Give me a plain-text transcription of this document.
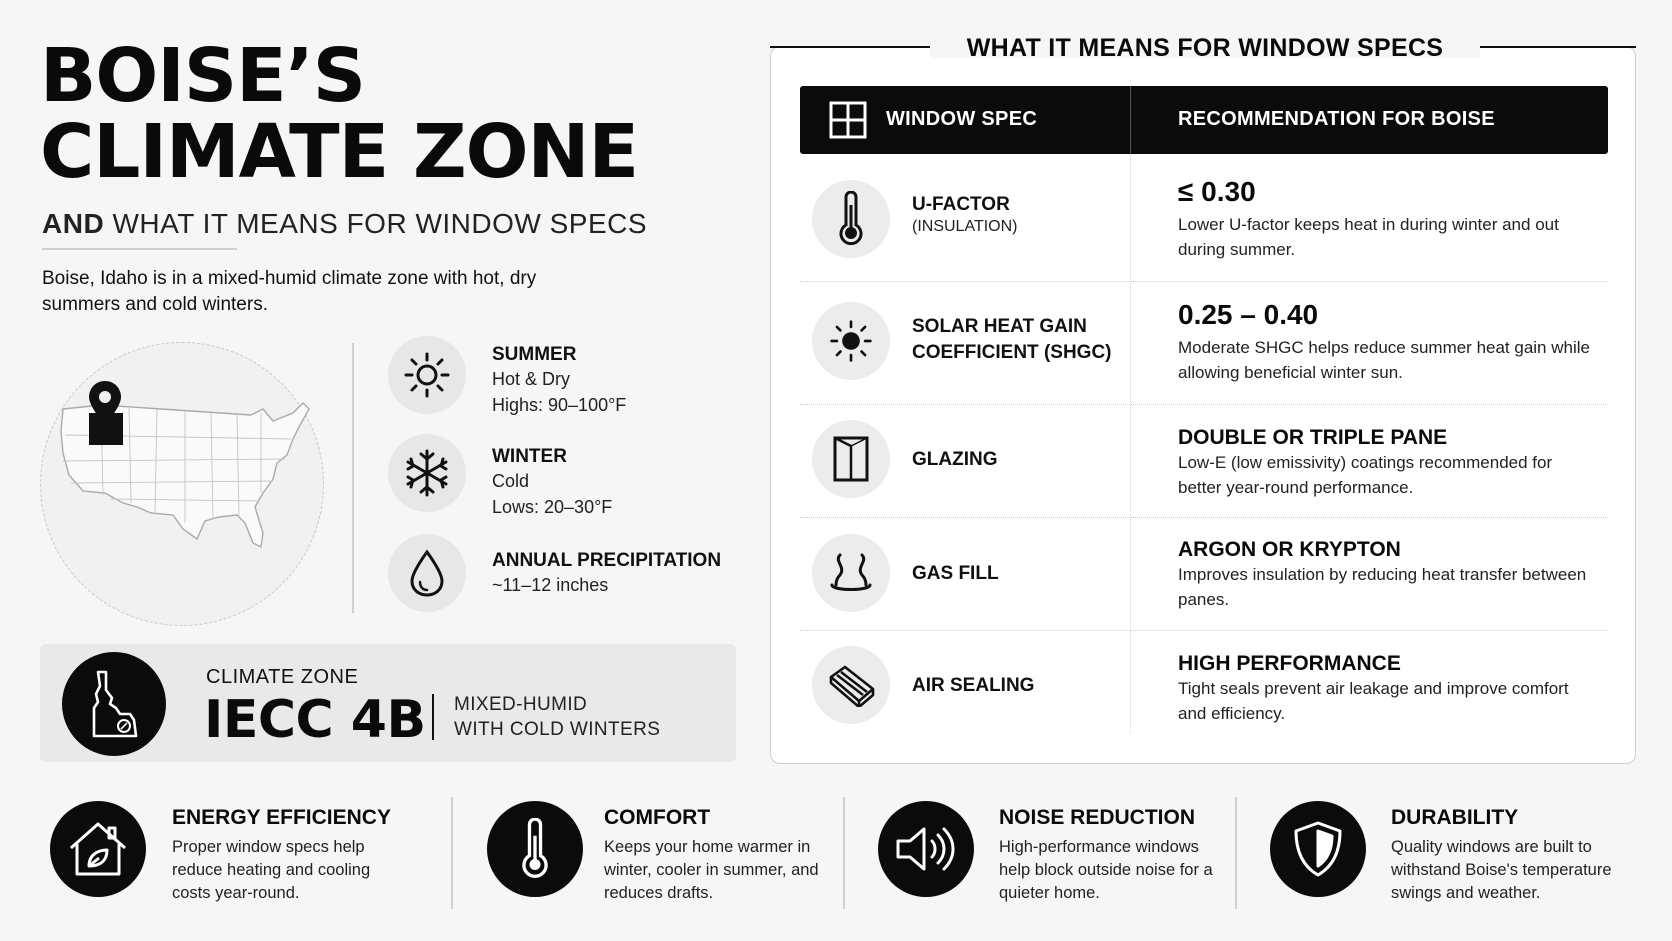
BOISE’S
CLIMATE ZONE
AND WHAT IT MEANS FOR WINDOW SPECS
Boise, Idaho is in a mixed-humid climate zone with hot, dry summers and cold winters.
SUMMER
Hot & Dry
Highs: 90–100°F
WINTER
Cold
Lows: 20–30°F
ANNUAL PRECIPITATION
~11–12 inches
CLIMATE ZONE
IECC 4B MIXED-HUMID
WITH COLD WINTERS
WHAT IT MEANS FOR WINDOW SPECS
WINDOW SPEC	RECOMMENDATION FOR BOISE
U-FACTOR
(INSULATION)
≤ 0.30
Lower U-factor keeps heat in during winter and out during summer.
SOLAR HEAT GAIN
COEFFICIENT (SHGC)
0.25 – 0.40
Moderate SHGC helps reduce summer heat gain while allowing beneficial winter sun.
GLAZING
DOUBLE OR TRIPLE PANE
Low-E (low emissivity) coatings recommended for better year-round performance.
GAS FILL
ARGON OR KRYPTON
Improves insulation by reducing heat transfer between panes.
AIR SEALING
HIGH PERFORMANCE
Tight seals prevent air leakage and improve comfort and efficiency.
ENERGY EFFICIENCY
Proper window specs help reduce heating and cooling costs year-round.
COMFORT
Keeps your home warmer in winter, cooler in summer, and reduces drafts.
NOISE REDUCTION
High-performance windows help block outside noise for a quieter home.
DURABILITY
Quality windows are built to withstand Boise's temperature swings and weather.
